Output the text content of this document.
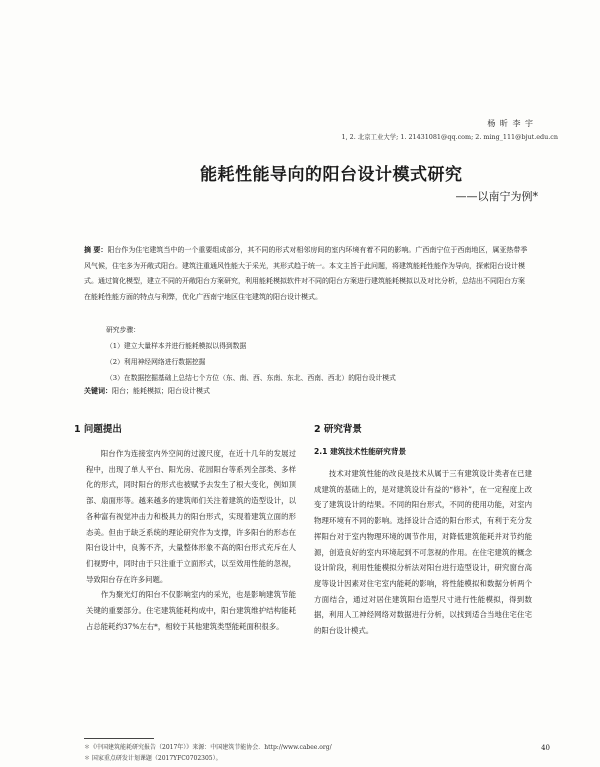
杨 昕 李 宇
1, 2. 北京工业大学; 1. 21431081@qq.com; 2. ming_111@bjut.edu.cn
能耗性能导向的阳台设计模式研究
——以南宁为例*
摘 要：阳台作为住宅建筑当中的一个重要组成部分，其不同的形式对相邻房间的室内环境有着不同的影响。广西南宁位于西南地区，属亚热带季风气候，住宅多为开敞式阳台。建筑注重通风性能大于采光，其形式趋于统一。本文主旨于此问题，将建筑能耗性能作为导向，探索阳台设计模式。通过简化模型，建立不同的开敞阳台方案研究，利用能耗模拟软件对不同的阳台方案进行建筑能耗模拟以及对比分析，总结出不同阳台方案在能耗性能方面的特点与利弊，优化广西南宁地区住宅建筑的阳台设计模式。
研究步骤：
（1）建立大量样本并进行能耗模拟以得到数据
（2）利用神经网络进行数据挖掘
（3）在数据挖掘基础上总结七个方位（东、南、西、东南、东北、西南、西北）的阳台设计模式
关键词：阳台；能耗模拟；阳台设计模式
1 问题提出

阳台作为连接室内外空间的过渡尺度，在近十几年的发展过程中，出现了单人平台、阳光房、花园阳台等系列全部类、多样化的形式，同时阳台的形式也被赋予去发生了根大变化，例如顶部、扇面形等。越来越多的建筑师们关注着建筑的造型设计，以各种富有视觉冲击力和极具力的阳台形式，实现着建筑立面的形态美。但由于缺乏系统的理论研究作为支撑，许多阳台的形态在阳台设计中，良莠不齐，大量整体形象不高的阳台形式充斥在人们视野中，同时由于只注重于立面形式，以至效用性能的忽视，导致阳台存在许多问题。

作为聚光灯的阳台不仅影响室内的采光，也是影响建筑节能关键的重要部分。住宅建筑能耗构成中，阳台建筑维护结构能耗占总能耗约37%左右*，相较于其他建筑类型能耗面积很多。

2 研究背景
2.1 建筑技术性能研究背景

技术对建筑性能的改良是技术从属于三有建筑设计类者在已建成建筑的基础上的，是对建筑设计有益的“修补”，在一定程度上改变了建筑设计的结果。不同的阳台形式，不同的使用功能，对室内物理环境有不同的影响。选择设计合适的阳台形式，有利于充分发挥阳台对于室内物理环境的调节作用，对降低建筑能耗并对节约能源，创造良好的室内环境起到不可忽视的作用。在住宅建筑的概念设计阶段，利用性能模拟分析法对阳台进行造型设计，研究窗台高度等设计因素对住宅室内能耗的影响，将性能模拟和数据分析两个方面结合，通过对居住建筑阳台造型尺寸进行性能模拟，得到数据，利用人工神经网络对数据进行分析，以找到适合当地住宅住宅的阳台设计模式。

＊《中国建筑能耗研究报告（2017年）》来源：中国建筑节能协会．http://www.cabee.org/
＊ 国家重点研发计划课题（2017YFC0702305）。
40
